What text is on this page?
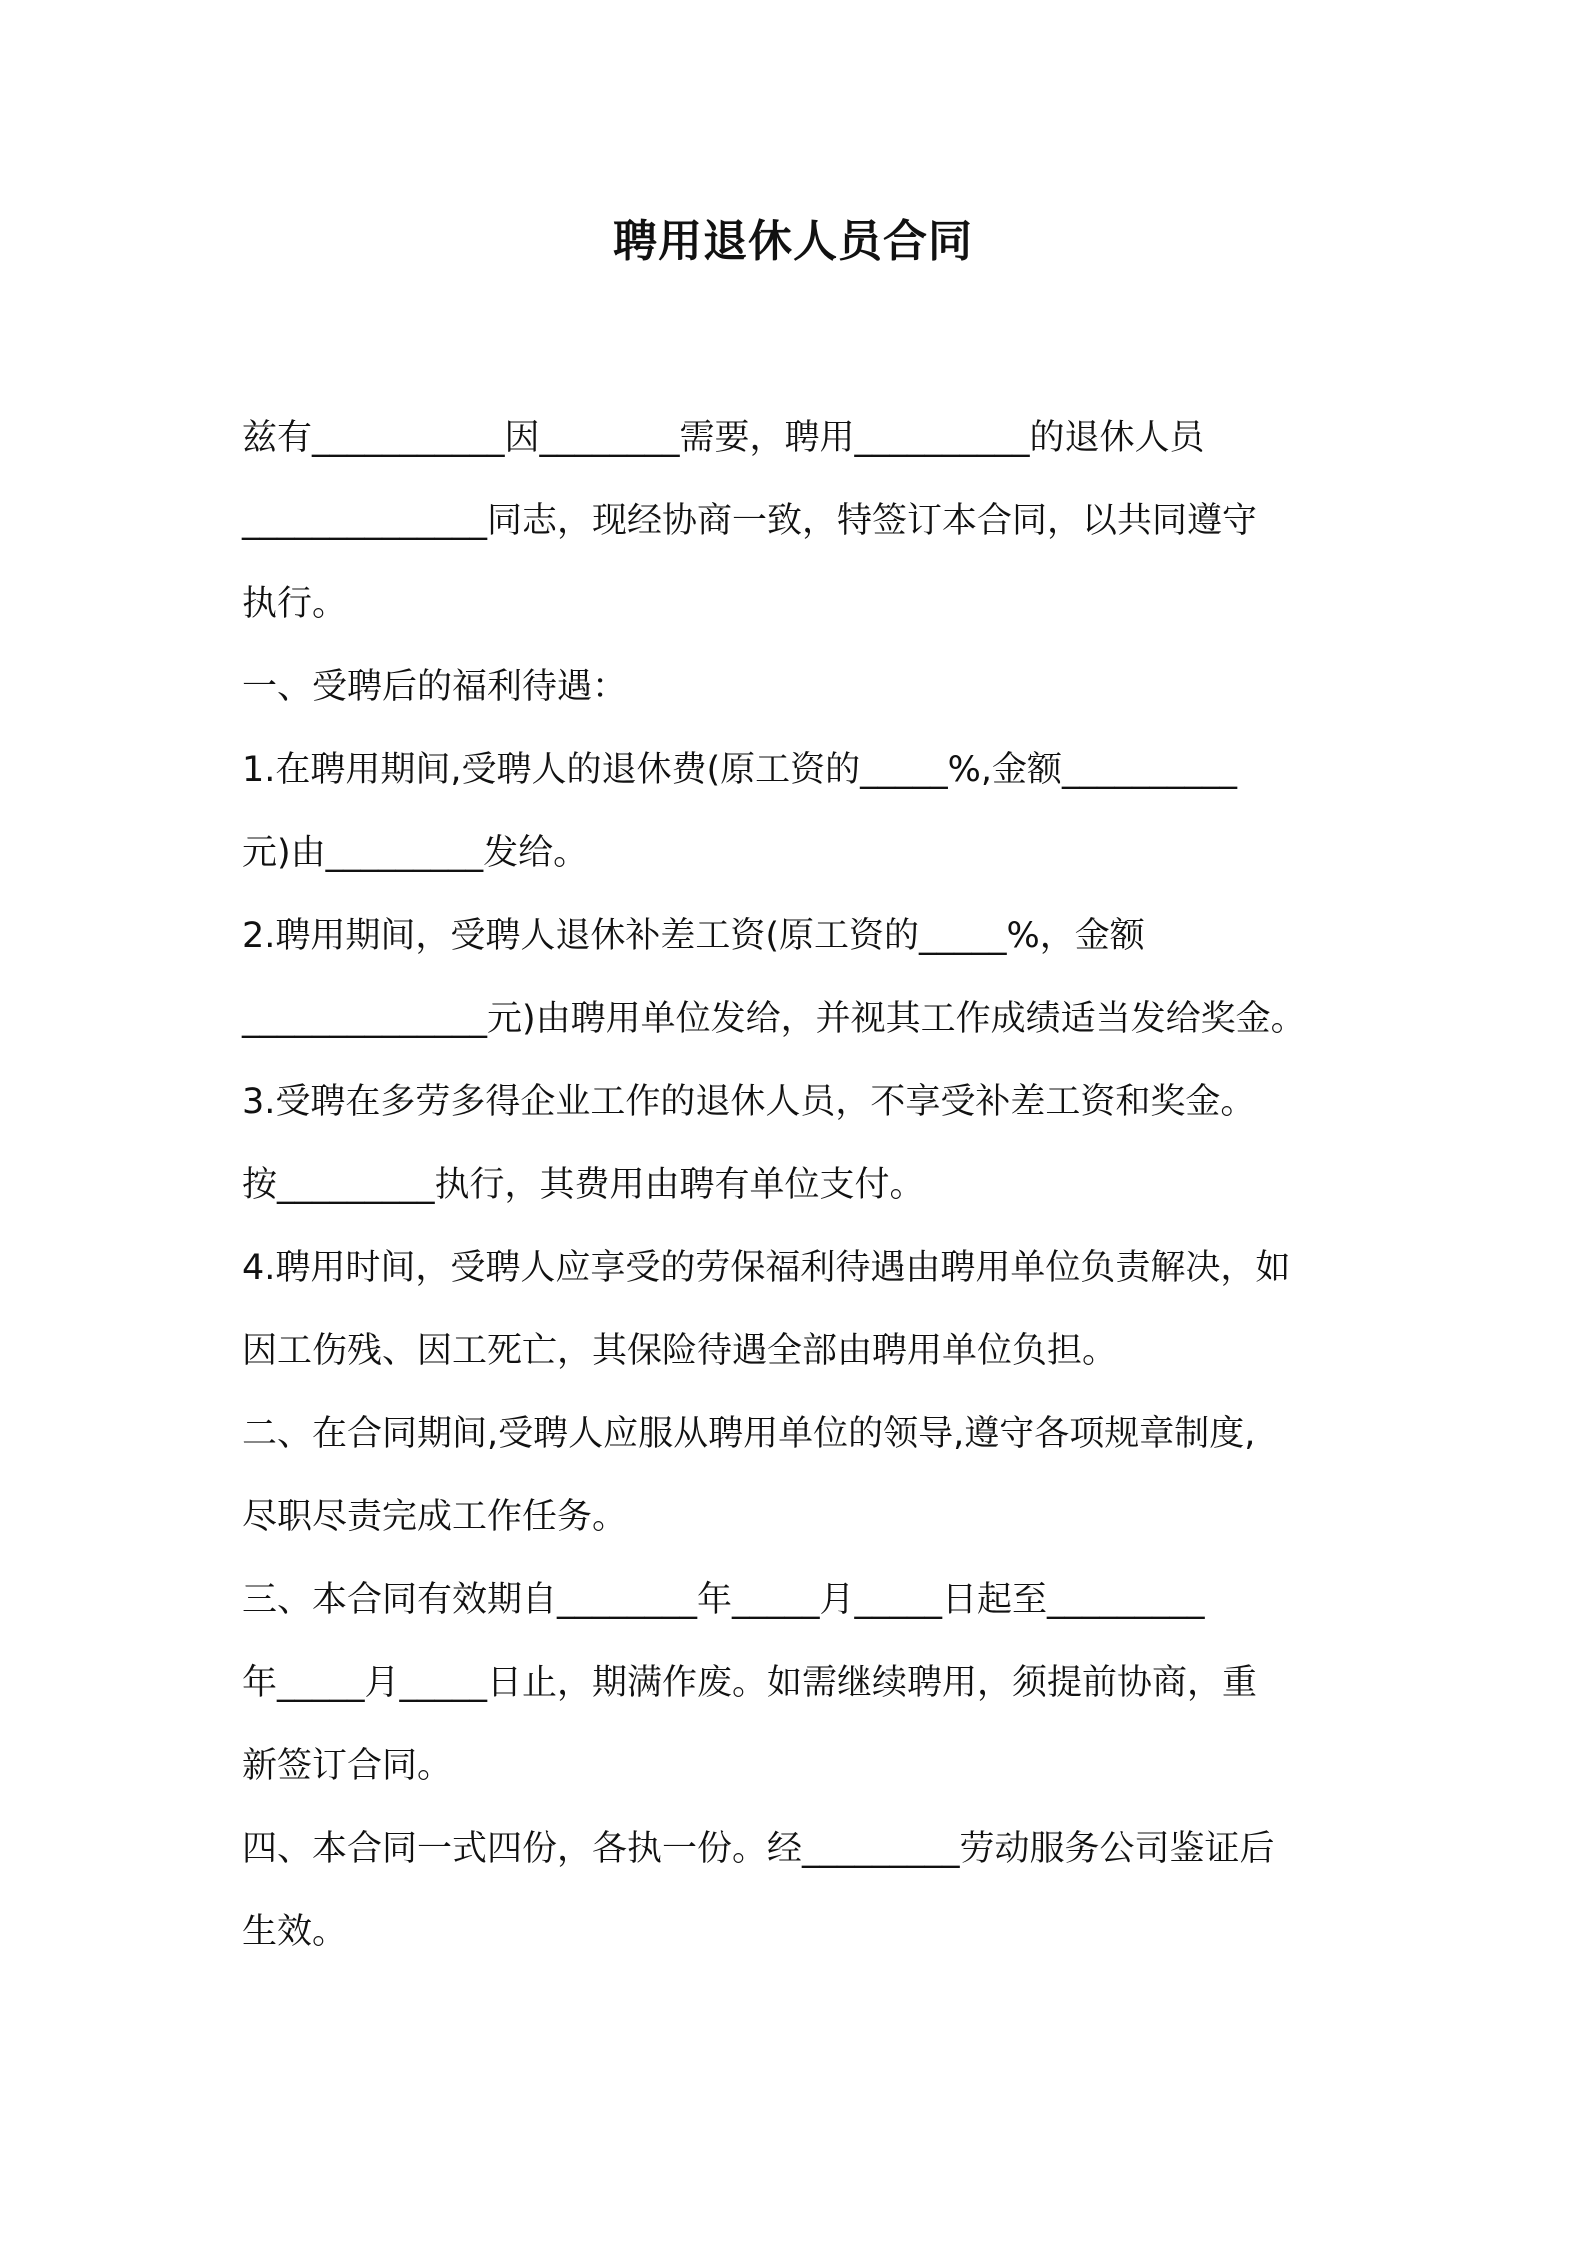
聘用退休人员合同
兹有___________因________需要，聘用__________的退休人员
______________同志，现经协商一致，特签订本合同，以共同遵守
执行。
一、受聘后的福利待遇：
1.在聘用期间,受聘人的退休费(原工资的_____%,金额__________
元)由_________发给。
2.聘用期间，受聘人退休补差工资(原工资的_____%，金额
______________元)由聘用单位发给，并视其工作成绩适当发给奖金。
3.受聘在多劳多得企业工作的退休人员，不享受补差工资和奖金。
按_________执行，其费用由聘有单位支付。
4.聘用时间，受聘人应享受的劳保福利待遇由聘用单位负责解决，如
因工伤残、因工死亡，其保险待遇全部由聘用单位负担。
二、在合同期间,受聘人应服从聘用单位的领导,遵守各项规章制度,
尽职尽责完成工作任务。
三、本合同有效期自________年_____月_____日起至_________
年_____月_____日止，期满作废。如需继续聘用，须提前协商，重
新签订合同。
四、本合同一式四份，各执一份。经_________劳动服务公司鉴证后
生效。
